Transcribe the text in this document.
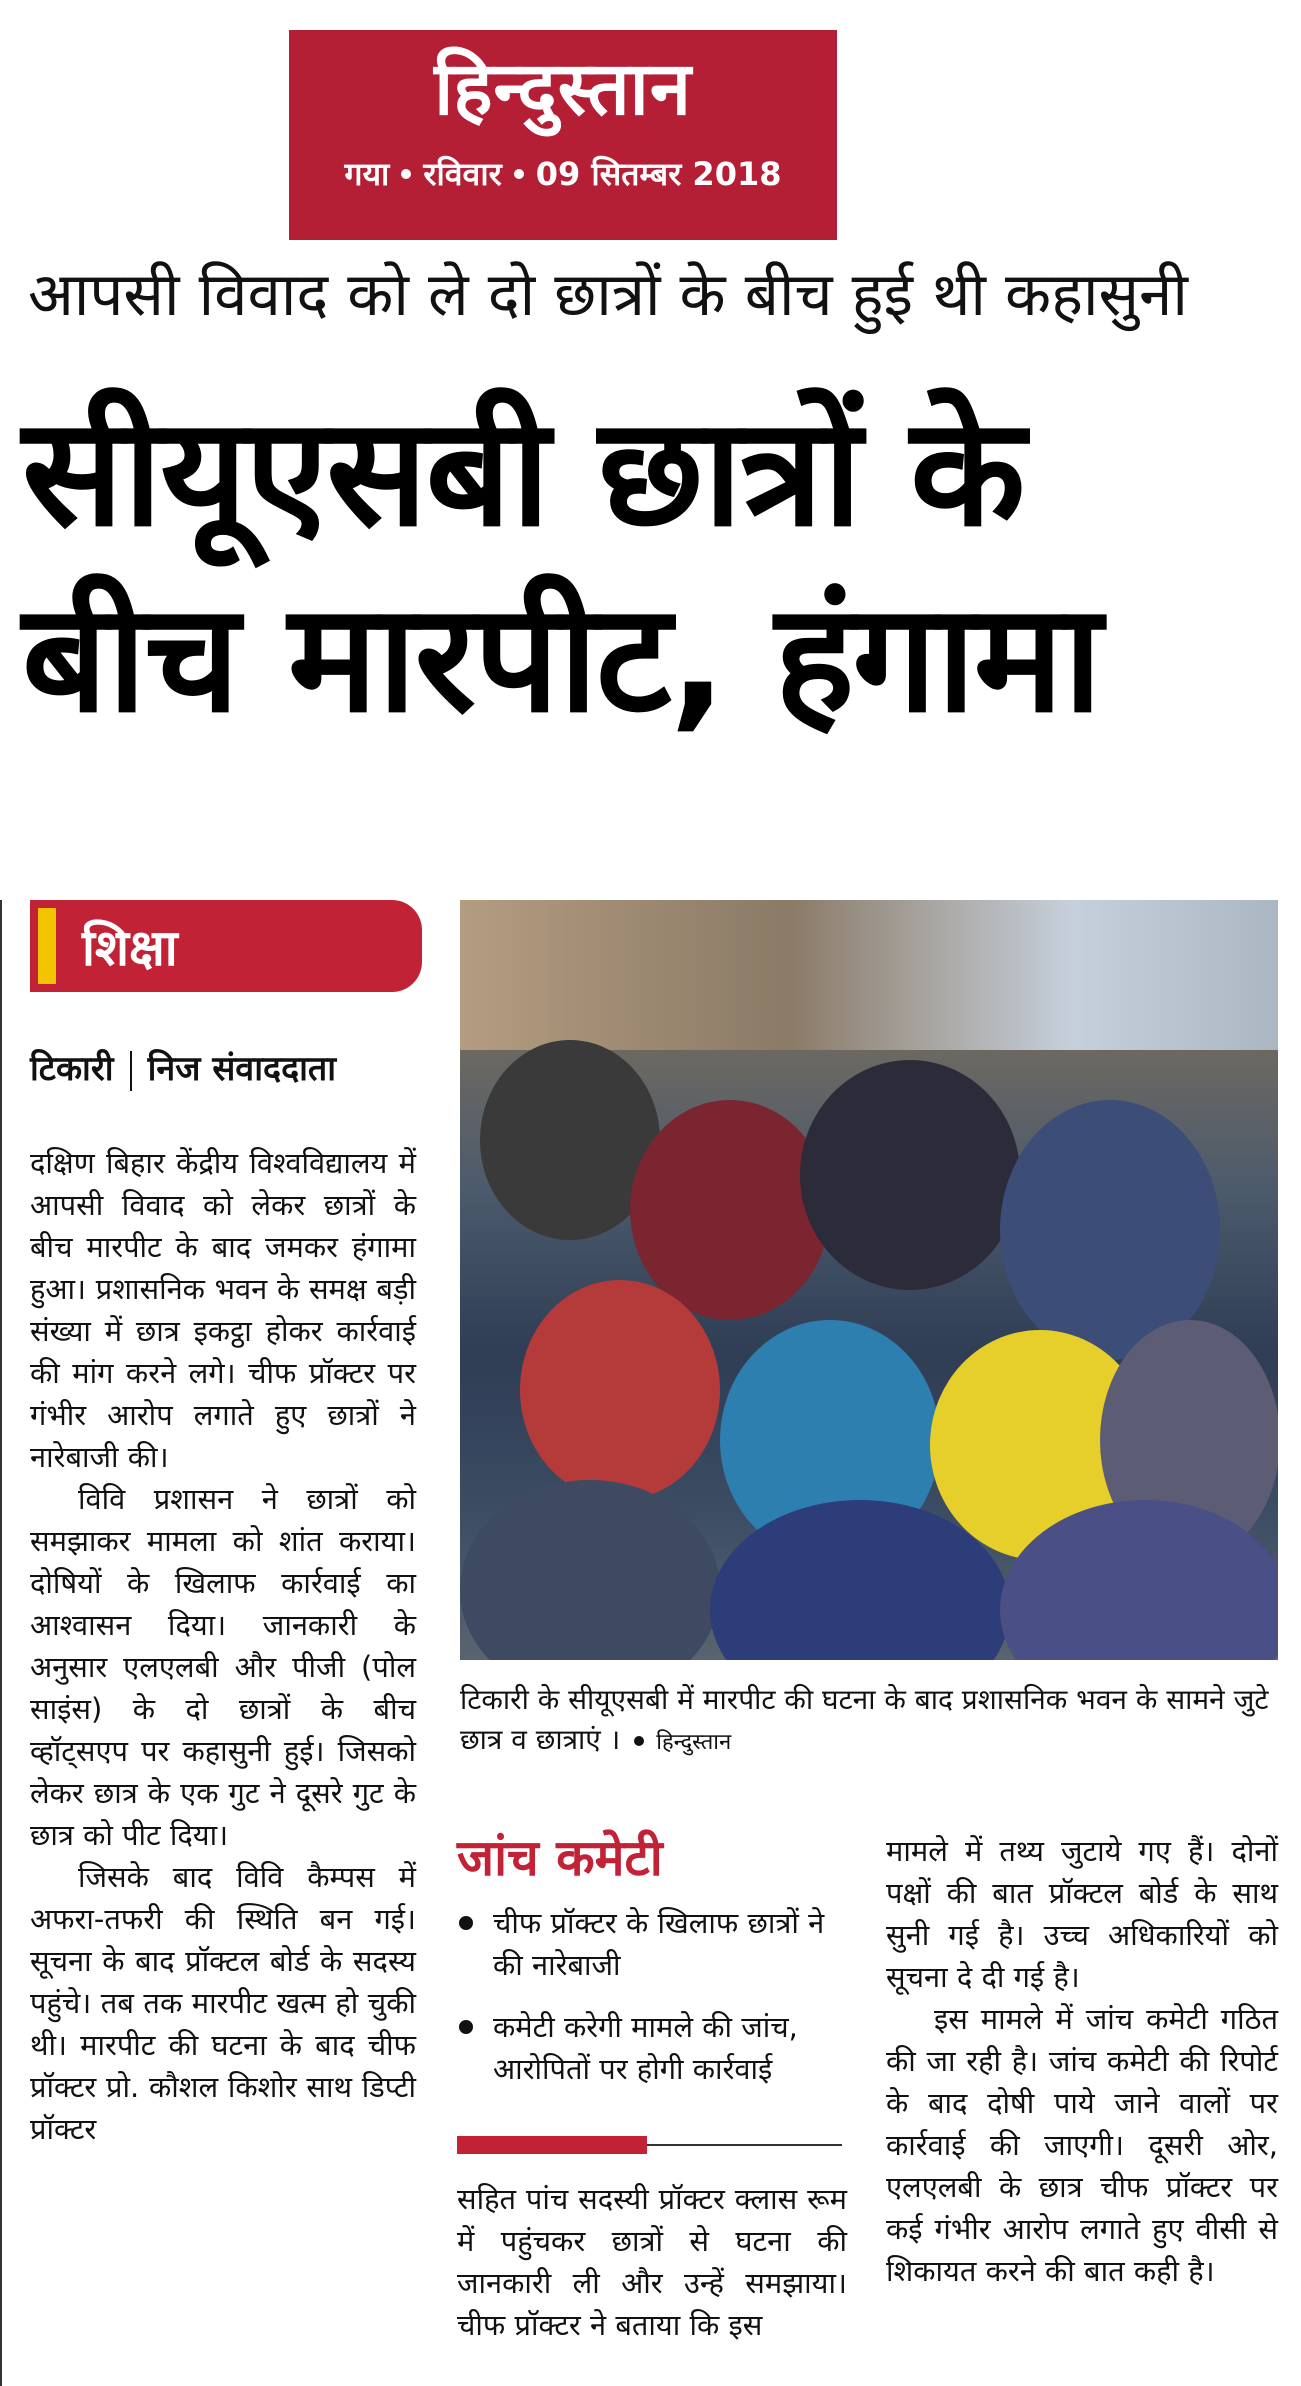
हिन्दुस्तान
गया रविवार 09 सितम्बर 2018
आपसी विवाद को ले दो छात्रों के बीच हुई थी कहासुनी
सीयूएसबी छात्रों के
बीच मारपीट, हंगामा
शिक्षा
टिकारी निज संवाददाता

दक्षिण बिहार केंद्रीय विश्वविद्यालय में आपसी विवाद को लेकर छात्रों के बीच मारपीट के बाद जमकर हंगामा हुआ। प्रशासनिक भवन के समक्ष बड़ी संख्या में छात्र इकट्ठा होकर कार्रवाई की मांग करने लगे। चीफ प्रॉक्टर पर गंभीर आरोप लगाते हुए छात्रों ने नारेबाजी की।

विवि प्रशासन ने छात्रों को समझाकर मामला को शांत कराया। दोषियों के खिलाफ कार्रवाई का आश्वासन दिया। जानकारी के अनुसार एलएलबी और पीजी (पोल साइंस) के दो छात्रों के बीच व्हॉट्सएप पर कहासुनी हुई। जिसको लेकर छात्र के एक गुट ने दूसरे गुट के छात्र को पीट दिया।

जिसके बाद विवि कैम्पस में अफरा-तफरी की स्थिति बन गई। सूचना के बाद प्रॉक्टल बोर्ड के सदस्य पहुंचे। तब तक मारपीट खत्म हो चुकी थी। मारपीट की घटना के बाद चीफ प्रॉक्टर प्रो. कौशल किशोर साथ डिप्टी प्रॉक्टर

टिकारी के सीयूएसबी में मारपीट की घटना के बाद प्रशासनिक भवन के सामने जुटे छात्र व छात्राएं । हिन्दुस्तान
जांच कमेटी
चीफ प्रॉक्टर के खिलाफ छात्रों ने की नारेबाजी
कमेटी करेगी मामले की जांच, आरोपितों पर होगी कार्रवाई

सहित पांच सदस्यी प्रॉक्टर क्लास रूम में पहुंचकर छात्रों से घटना की जानकारी ली और उन्हें समझाया। चीफ प्रॉक्टर ने बताया कि इस

मामले में तथ्य जुटाये गए हैं। दोनों पक्षों की बात प्रॉक्टल बोर्ड के साथ सुनी गई है। उच्च अधिकारियों को सूचना दे दी गई है।

इस मामले में जांच कमेटी गठित की जा रही है। जांच कमेटी की रिपोर्ट के बाद दोषी पाये जाने वालों पर कार्रवाई की जाएगी। दूसरी ओर, एलएलबी के छात्र चीफ प्रॉक्टर पर कई गंभीर आरोप लगाते हुए वीसी से शिकायत करने की बात कही है।
